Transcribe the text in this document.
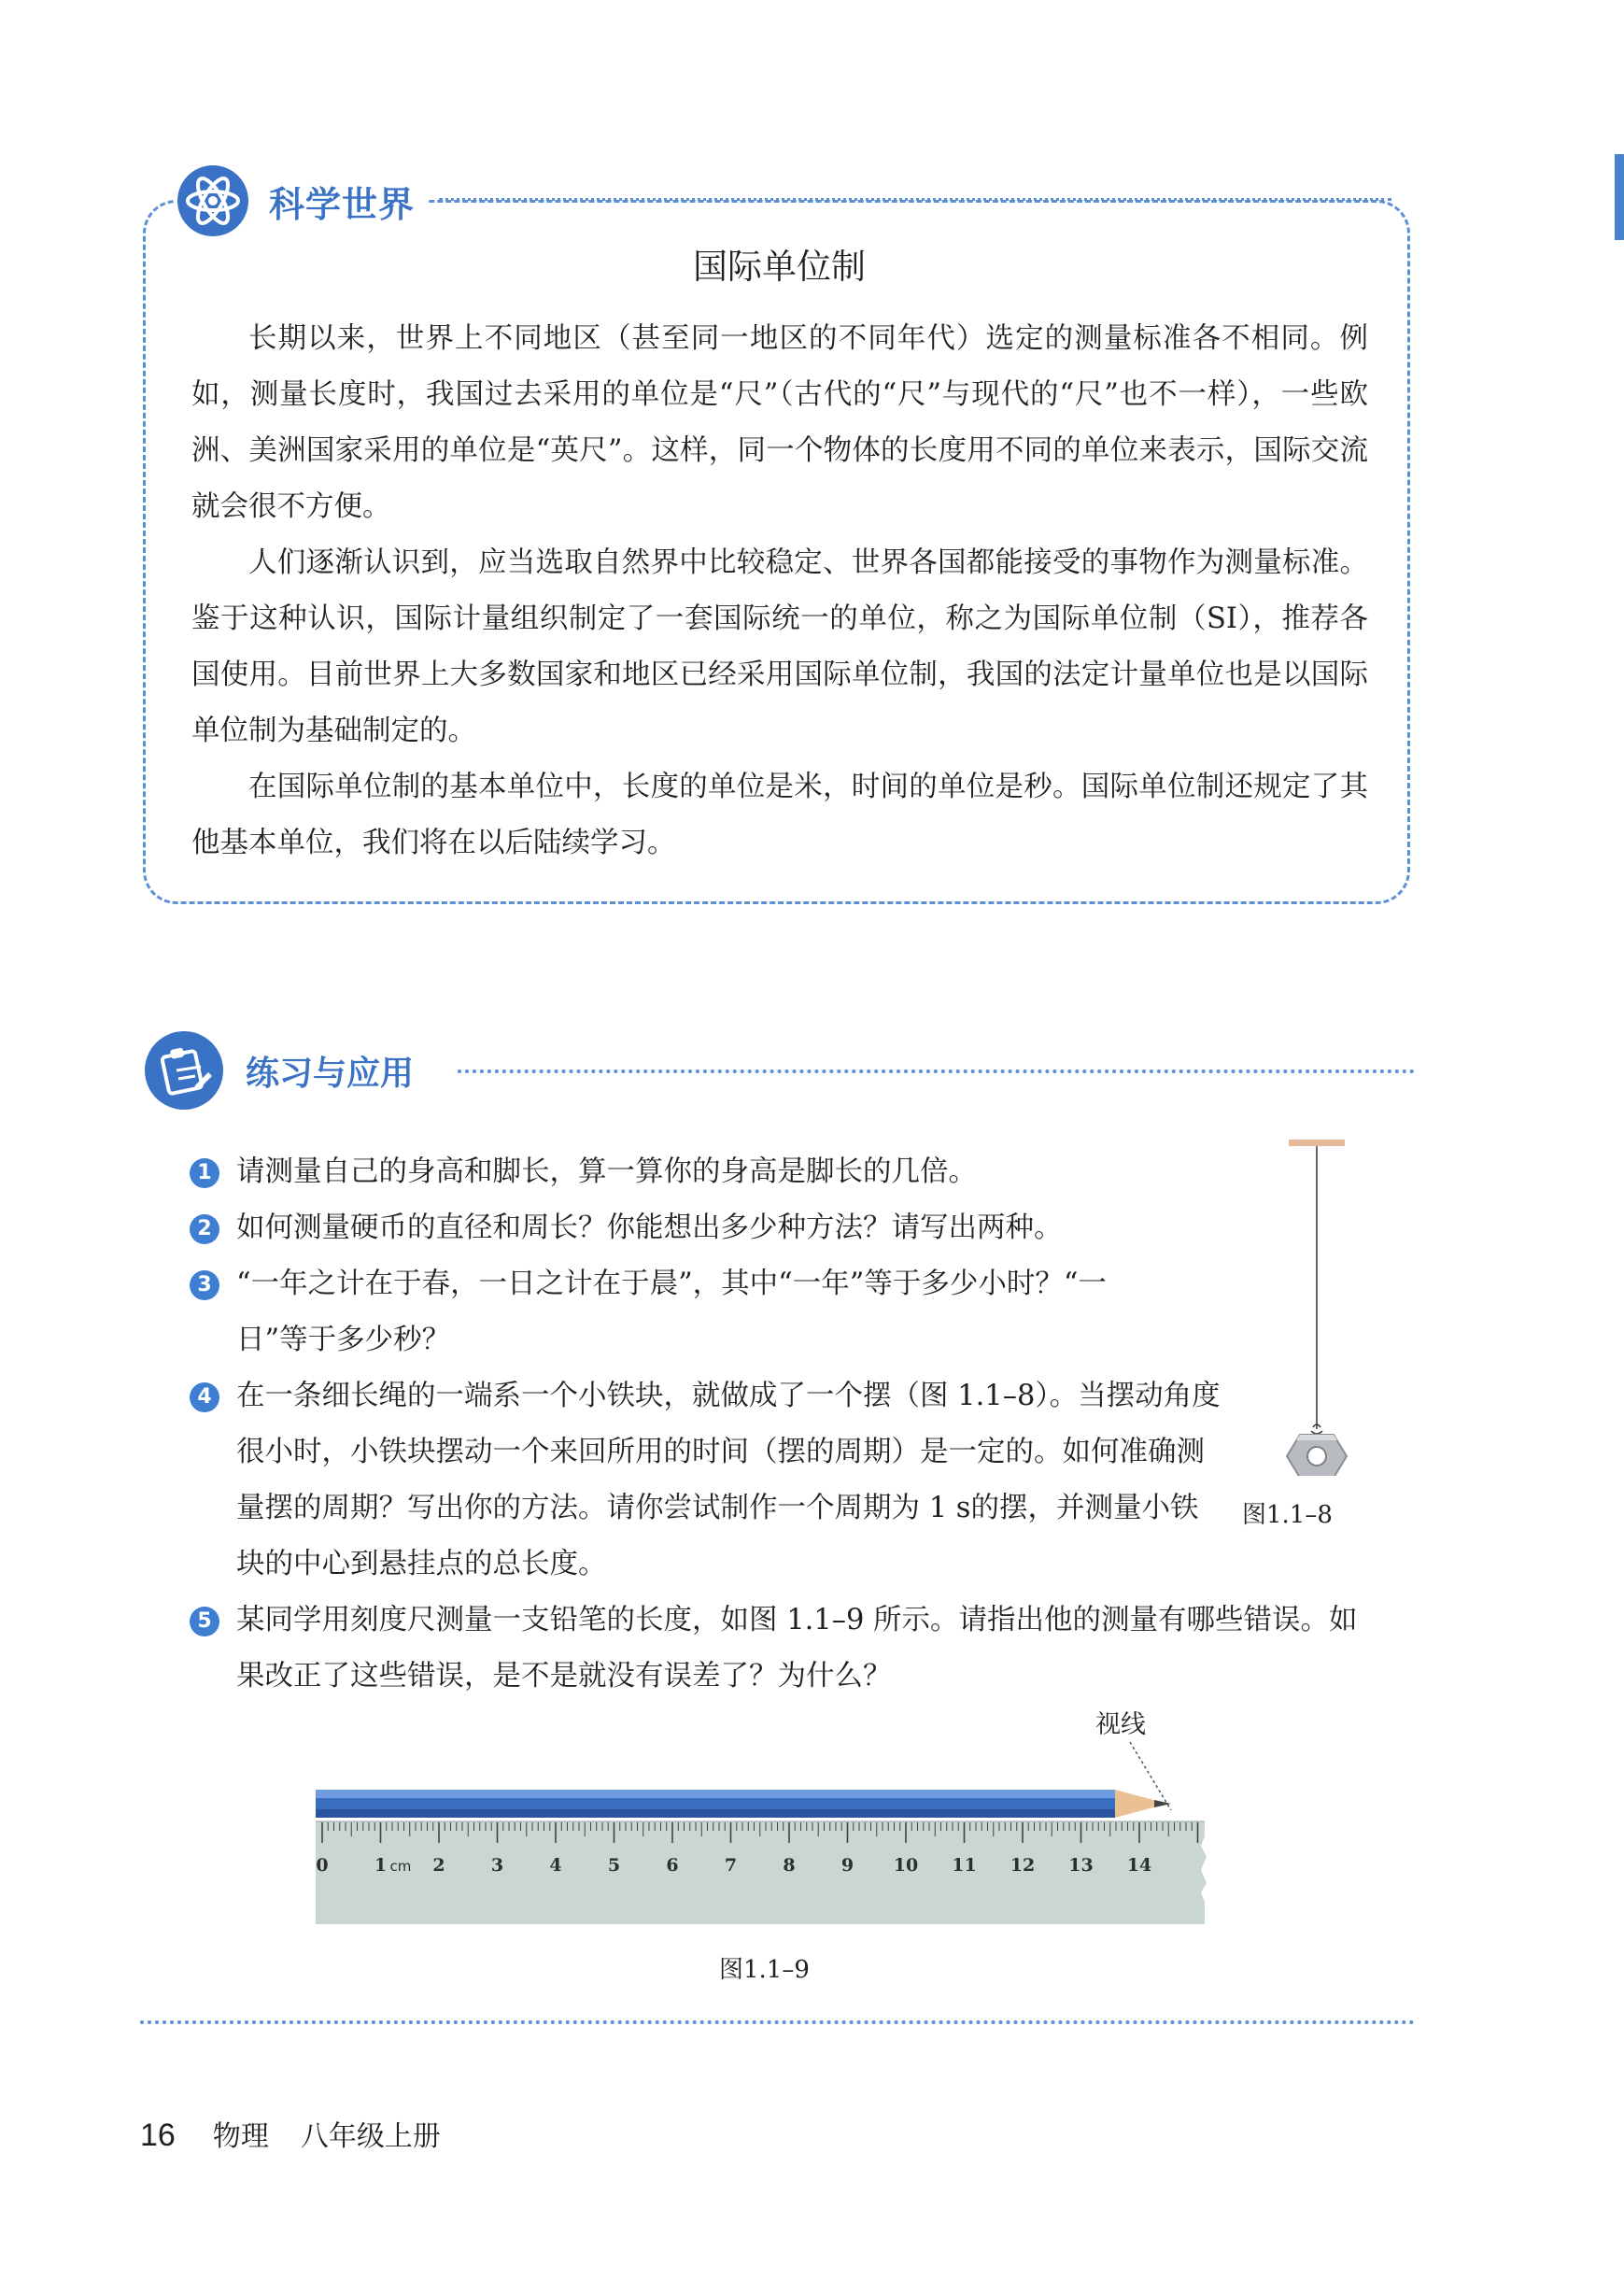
科学世界
国际单位制

长期以来，世界上不同地区（甚至同一地区的不同年代）选定的测量标准各不相同。例如，测量长度时，我国过去采用的单位是“尺”（古代的“尺”与现代的“尺”也不一样），一些欧洲、美洲国家采用的单位是“英尺”。这样，同一个物体的长度用不同的单位来表示，国际交流就会很不方便。

人们逐渐认识到，应当选取自然界中比较稳定、世界各国都能接受的事物作为测量标准。鉴于这种认识，国际计量组织制定了一套国际统一的单位，称之为国际单位制（SI），推荐各国使用。目前世界上大多数国家和地区已经采用国际单位制，我国的法定计量单位也是以国际单位制为基础制定的。

在国际单位制的基本单位中，长度的单位是米，时间的单位是秒。国际单位制还规定了其他基本单位，我们将在以后陆续学习。

练习与应用
1 请测量自己的身高和脚长，算一算你的身高是脚长的几倍。
2 如何测量硬币的直径和周长？你能想出多少种方法？请写出两种。
3 “一年之计在于春，一日之计在于晨”，其中“一年”等于多少小时？“一日”等于多少秒？
4 在一条细长绳的一端系一个小铁块，就做成了一个摆（图 1.1–8）。当摆动角度很小时，小铁块摆动一个来回所用的时间（摆的周期）是一定的。如何准确测量摆的周期？写出你的方法。请你尝试制作一个周期为 1 s的摆，并测量小铁块的中心到悬挂点的总长度。
5 某同学用刻度尺测量一支铅笔的长度，如图 1.1–9 所示。请指出他的测量有哪些错误。如果改正了这些错误，是不是就没有误差了？为什么？
图1.1–8
视线
0	1	2	3	4	5	6	7	8	9 10 11 12 13 14
cm
图1.1–9
16 物理 八年级上册
